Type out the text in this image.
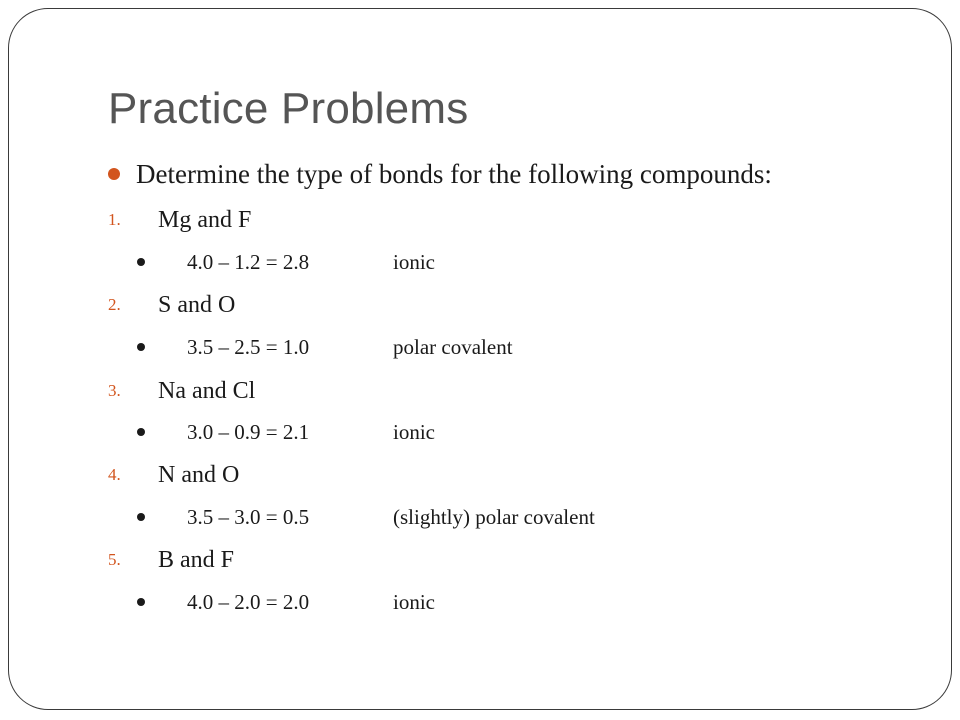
Practice Problems
Determine the type of bonds for the following compounds:
1.	Mg and F
4.0 – 1.2 = 2.8	ionic
2.	S and O
3.5 – 2.5 = 1.0	polar covalent
3.	Na and Cl
3.0 – 0.9 = 2.1	ionic
4.	N and O
3.5 – 3.0 = 0.5	(slightly) polar covalent
5.	B and F
4.0 – 2.0 = 2.0	ionic
